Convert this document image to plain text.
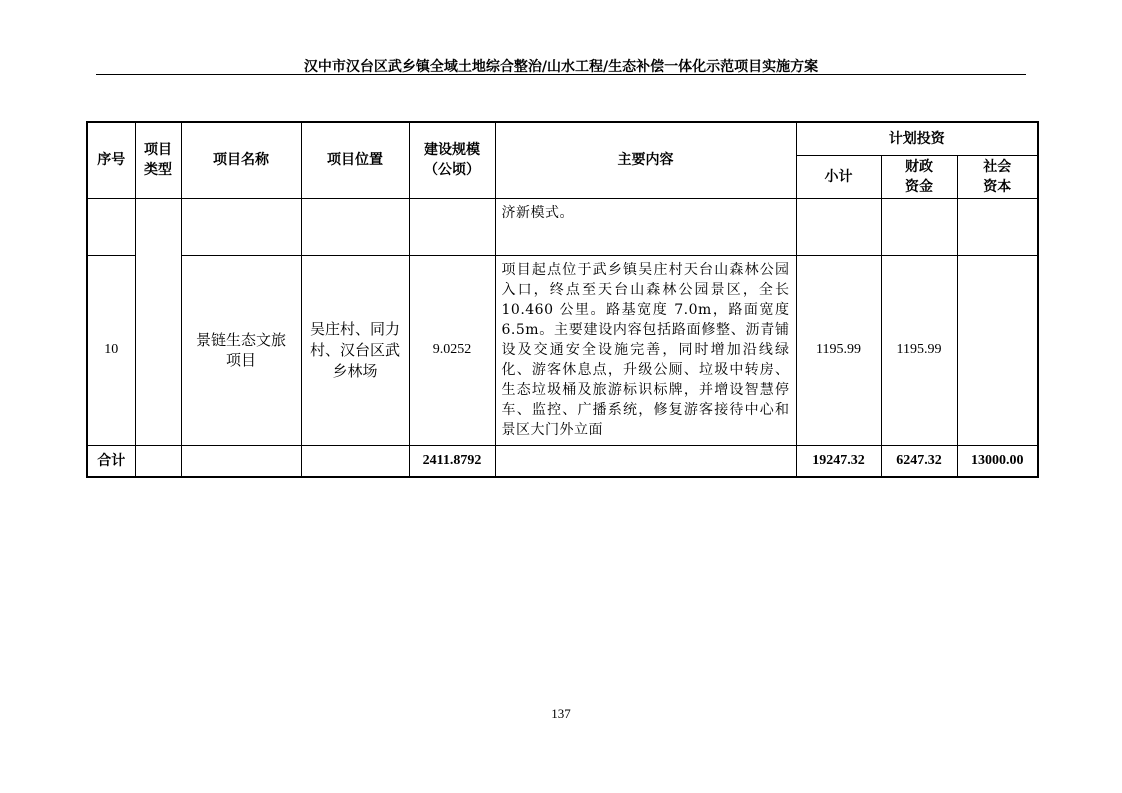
汉中市汉台区武乡镇全域土地综合整治/山水工程/生态补偿一体化示范项目实施方案
序号	项目类型	项目名称	项目位置	建设规模（公顷）	主要内容	计划投资		
						小计	财政资金	社会资本

					济新模式。			
10		景链生态文旅项目	吴庄村、同力村、汉台区武乡林场	9.0252	项目起点位于武乡镇吴庄村天台山森林公园入口，终点至天台山森林公园景区，全长 10.460 公里。路基宽度 7.0m，路面宽度 6.5m。主要建设内容包括路面修整、沥青铺设及交通安全设施完善，同时增加沿线绿化、游客休息点，升级公厕、垃圾中转房、生态垃圾桶及旅游标识标牌，并增设智慧停车、监控、广播系统，修复游客接待中心和景区大门外立面	1195.99	1195.99	
合计				2411.8792		19247.32	6247.32	13000.00
137
